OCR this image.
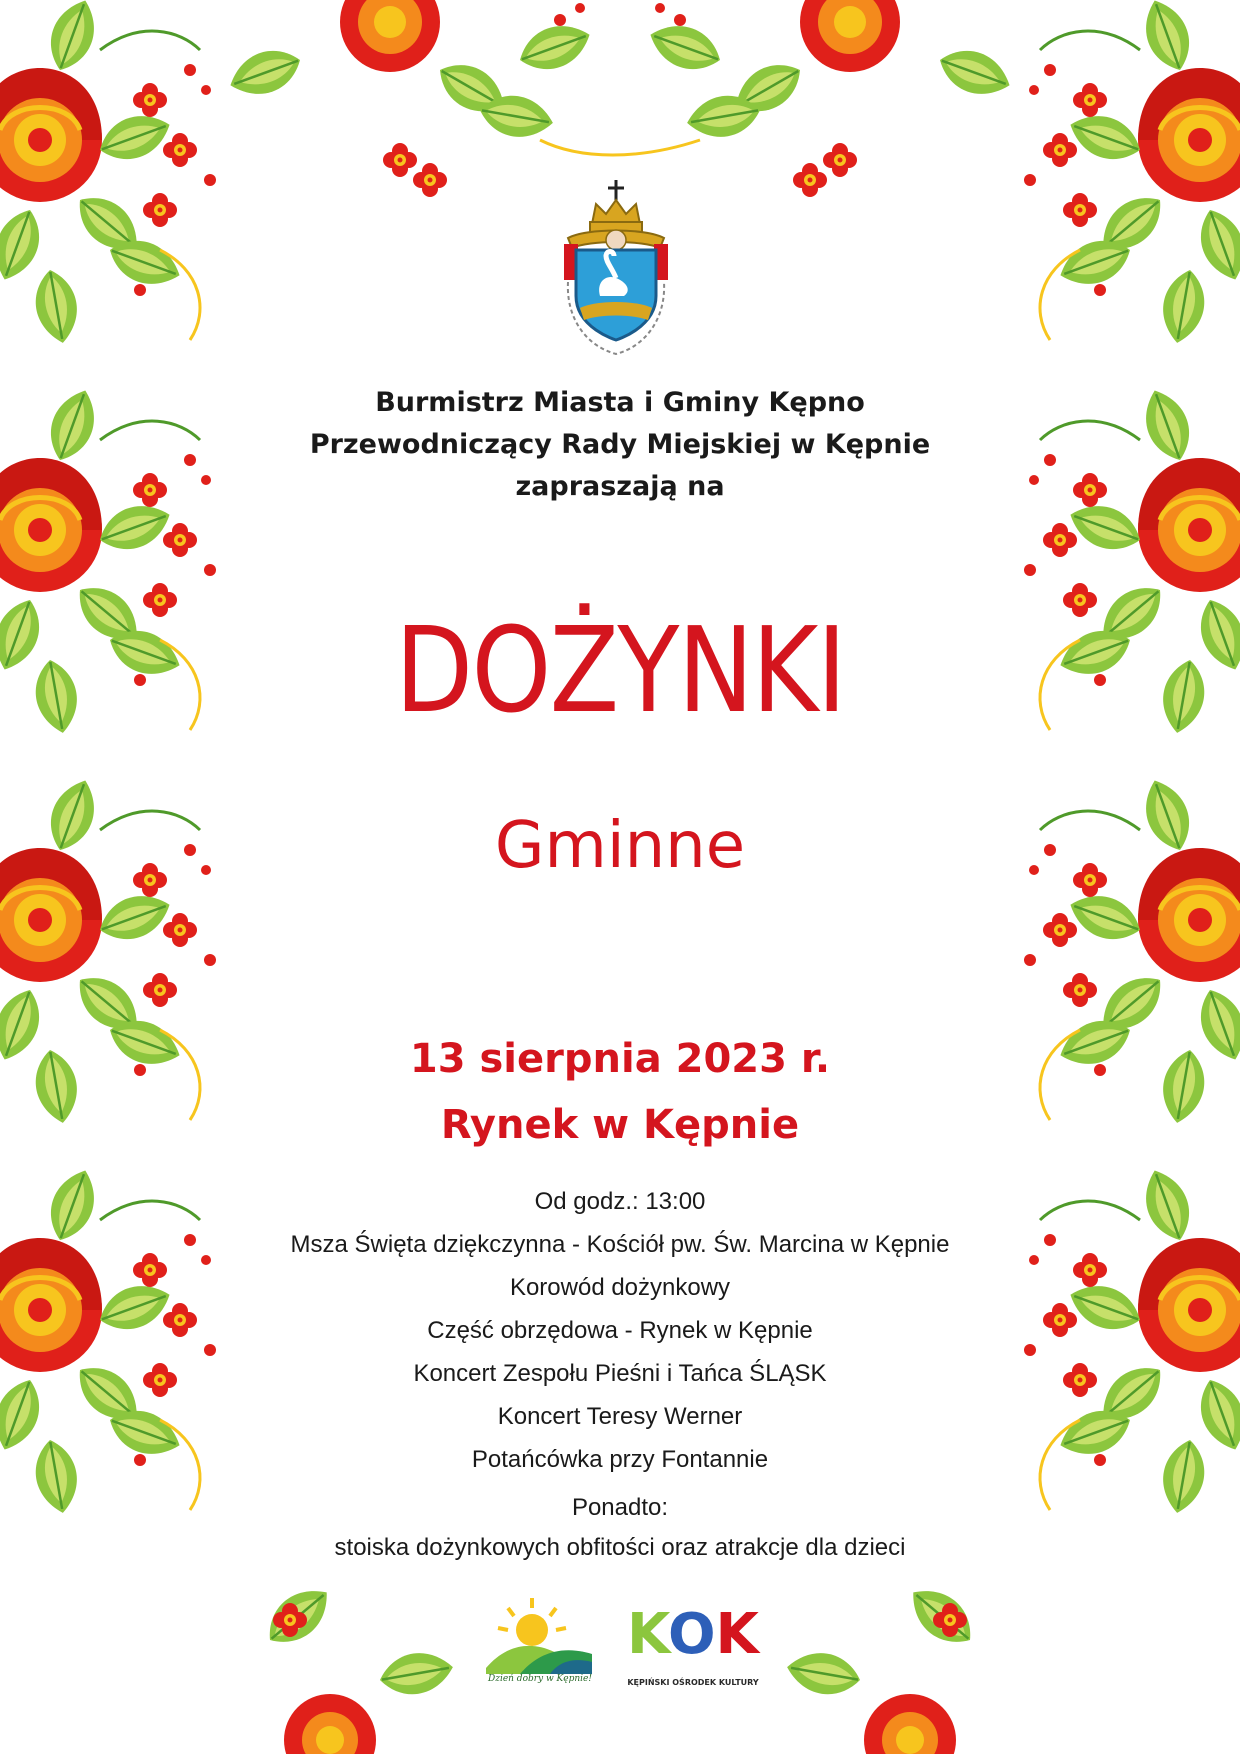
Burmistrz Miasta i Gminy Kępno
Przewodniczący Rady Miejskiej w Kępnie
zapraszają na
DOŻYNKI
Gminne
13 sierpnia 2023 r.
Rynek w Kępnie
Od godz.: 13:00
Msza Święta dziękczynna - Kościół pw. Św. Marcina w Kępnie
Korowód dożynkowy
Część obrzędowa - Rynek w Kępnie
Koncert Zespołu Pieśni i Tańca ŚLĄSK
Koncert Teresy Werner
Potańcówka przy Fontannie
Ponadto:
stoiska dożynkowych obfitości oraz atrakcje dla dzieci
Dzień dobry w Kępnie!
KOK
KĘPIŃSKI OŚRODEK KULTURY
